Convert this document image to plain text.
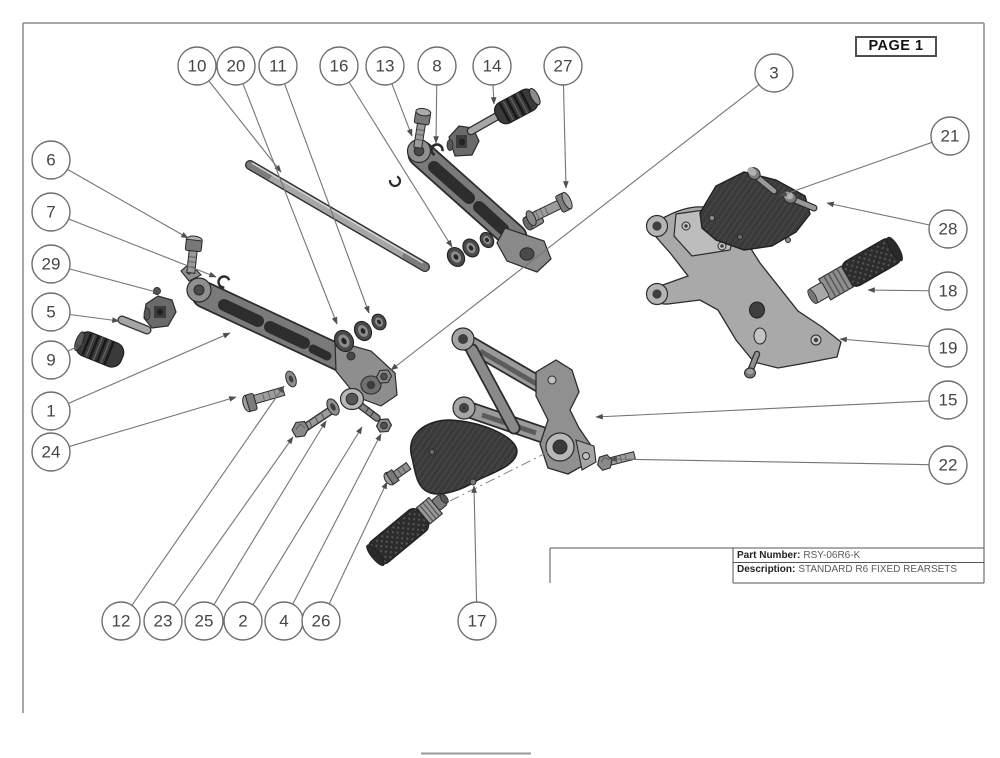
10 20 11	16 13 8 14	27	3
21
28
18
19
15
22
6
7
29
5
9
1
24
12 23 25 2 4 26	17
PAGE 1
Part Number: RSY-06R6-K
Description: STANDARD R6 FIXED REARSETS
